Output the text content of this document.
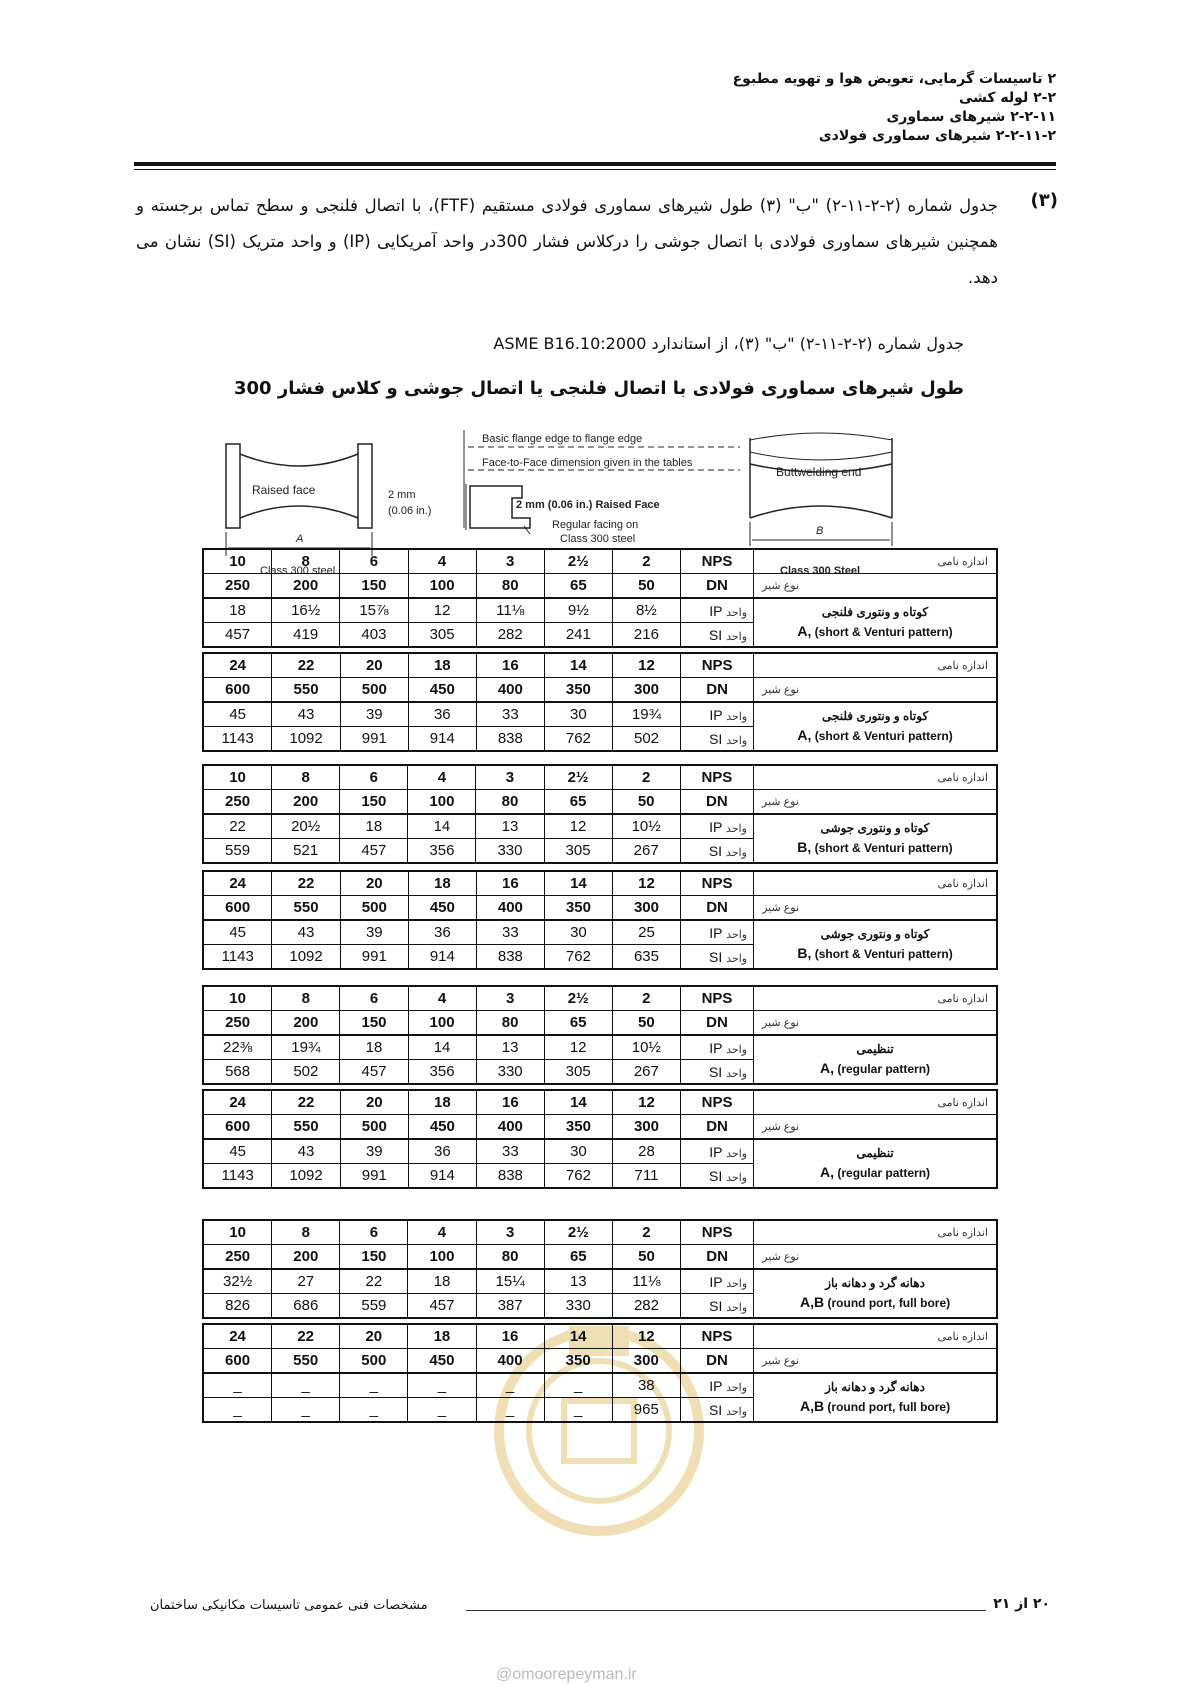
۲ تاسیسات گرمایی، تعویض هوا و تهویه مطبوع
۲-۲ لوله کشی
۲-۲-۱۱ شیرهای سماوری
۲-۲-۱۱-۲ شیرهای سماوری فولادی
(۳)
جدول شماره (۲-۲-۱۱-۲) "ب" (۳) طول شیرهای سماوری فولادی مستقیم (FTF)، با اتصال فلنجی و سطح تماس برجسته و همچنین شیرهای سماوری فولادی با اتصال جوشی را درکلاس فشار 300در واحد آمریکایی (IP) و واحد متریک (SI) نشان می دهد.
جدول شماره (۲-۲-۱۱-۲) "ب" (۳)، از استاندارد ASME B16.10:2000
طول شیرهای سماوری فولادی با اتصال فلنجی یا اتصال جوشی و کلاس فشار 300
Raised face
A
Class 300 steel
Basic flange edge to flange edge
Face-to-Face dimension given in the tables
2 mm
(0.06 in.)	2 mm (0.06 in.) Raised Face
Regular facing on
Class 300 steel
Buttwelding end
B
Class 300 Steel
10	8	6	4	3	2½	2	NPS	اندازه نامی
250	200	150	100	80	65	50	DN	نوع شیر
18	16½	15⅞	12	11⅛	9½	8½	IP واحد	کوتاه و ونتوری فلنجی
A, (short & Venturi pattern)

457	419	403	305	282	241	216	SI واحد	
24	22	20	18	16	14	12	NPS	اندازه نامی
600	550	500	450	400	350	300	DN	نوع شیر
45	43	39	36	33	30	19¾	IP واحد	کوتاه و ونتوری فلنجی
A, (short & Venturi pattern)

1143	1092	991	914	838	762	502	SI واحد	
10	8	6	4	3	2½	2	NPS	اندازه نامی
250	200	150	100	80	65	50	DN	نوع شیر
22	20½	18	14	13	12	10½	IP واحد	کوتاه و ونتوری جوشی
B, (short & Venturi pattern)

559	521	457	356	330	305	267	SI واحد	
24	22	20	18	16	14	12	NPS	اندازه نامی
600	550	500	450	400	350	300	DN	نوع شیر
45	43	39	36	33	30	25	IP واحد	کوتاه و ونتوری جوشی
B, (short & Venturi pattern)

1143	1092	991	914	838	762	635	SI واحد	
10	8	6	4	3	2½	2	NPS	اندازه نامی
250	200	150	100	80	65	50	DN	نوع شیر
22⅜	19¾	18	14	13	12	10½	IP واحد	تنظیمی
A, (regular pattern)

568	502	457	356	330	305	267	SI واحد	
24	22	20	18	16	14	12	NPS	اندازه نامی
600	550	500	450	400	350	300	DN	نوع شیر
45	43	39	36	33	30	28	IP واحد	تنظیمی
A, (regular pattern)

1143	1092	991	914	838	762	711	SI واحد	
10	8	6	4	3	2½	2	NPS	اندازه نامی
250	200	150	100	80	65	50	DN	نوع شیر
32½	27	22	18	15¼	13	11⅛	IP واحد	دهانه گرد و دهانه باز
A,B (round port, full bore)

826	686	559	457	387	330	282	SI واحد	
24	22	20	18	16	14	12	NPS	اندازه نامی
600	550	500	450	400	350	300	DN	نوع شیر
_	_	_	_	_	_	38	IP واحد	دهانه گرد و دهانه باز
A,B (round port, full bore)

_	_	_	_	_	_	965	SI واحد	
مشخصات فنی عمومی تاسیسات مکانیکی ساختمان	۲۰ از ۲۱
@omoorepeyman.ir
